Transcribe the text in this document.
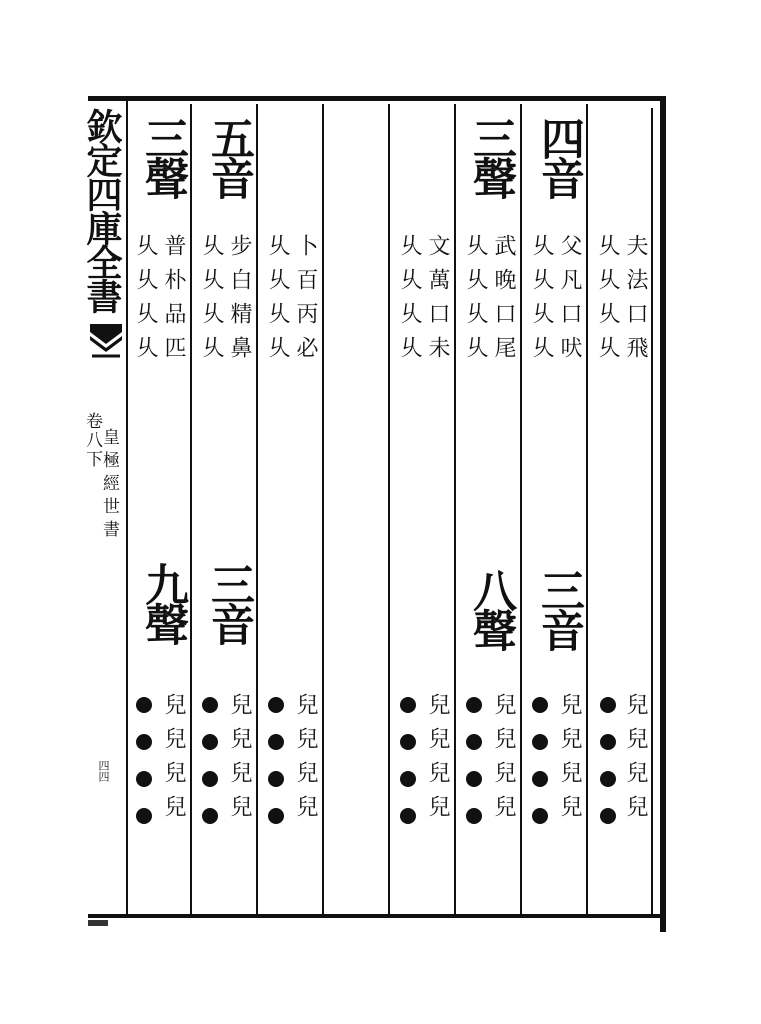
欽定四庫全書
卷八下
皇極經世書
四四
夫法口飛
乆乆乆乆
兒兒兒兒
四音
父凡口吠
乆乆乆乆
三音
兒兒兒兒
三聲
武晚口尾
乆乆乆乆
八聲
兒兒兒兒
文萬口未
乆乆乆乆
兒兒兒兒
卜百丙必
乆乆乆乆
兒兒兒兒
五音
步白精鼻
乆乆乆乆
三音
兒兒兒兒
三聲
普朴品匹
乆乆乆乆
九聲
兒兒兒兒
